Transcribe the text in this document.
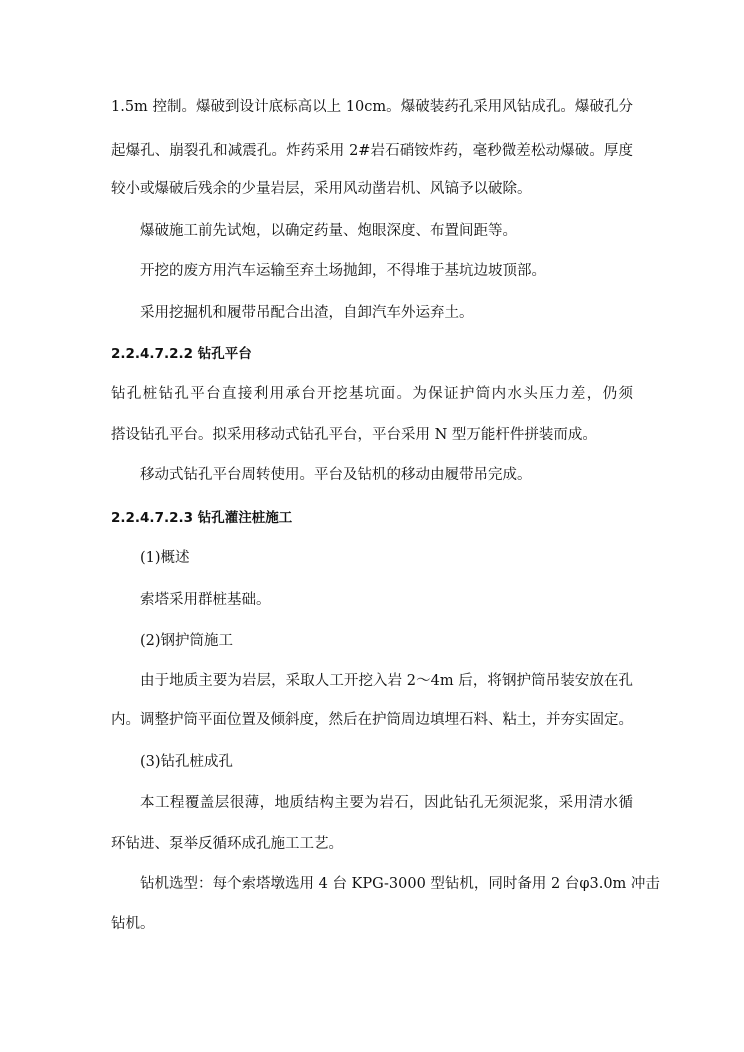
1.5m 控制。爆破到设计底标高以上 10cm。爆破装药孔采用风钻成孔。爆破孔分
起爆孔、崩裂孔和减震孔。炸药采用 2#岩石硝铵炸药，毫秒微差松动爆破。厚度
较小或爆破后残余的少量岩层，采用风动凿岩机、风镐予以破除。
爆破施工前先试炮，以确定药量、炮眼深度、布置间距等。
开挖的废方用汽车运输至弃土场抛卸，不得堆于基坑边坡顶部。
采用挖掘机和履带吊配合出渣，自卸汽车外运弃土。
2.2.4.7.2.2 钻孔平台
钻孔桩钻孔平台直接利用承台开挖基坑面。为保证护筒内水头压力差，仍须
搭设钻孔平台。拟采用移动式钻孔平台，平台采用 N 型万能杆件拼装而成。
移动式钻孔平台周转使用。平台及钻机的移动由履带吊完成。
2.2.4.7.2.3 钻孔灌注桩施工
(1)概述
索塔采用群桩基础。
(2)钢护筒施工
由于地质主要为岩层，采取人工开挖入岩 2～4m 后，将钢护筒吊装安放在孔
内。调整护筒平面位置及倾斜度，然后在护筒周边填埋石料、粘土，并夯实固定。
(3)钻孔桩成孔
本工程覆盖层很薄，地质结构主要为岩石，因此钻孔无须泥浆，采用清水循
环钻进、泵举反循环成孔施工工艺。
钻机选型：每个索塔墩选用 4 台 KPG-3000 型钻机，同时备用 2 台φ3.0m 冲击
钻机。
